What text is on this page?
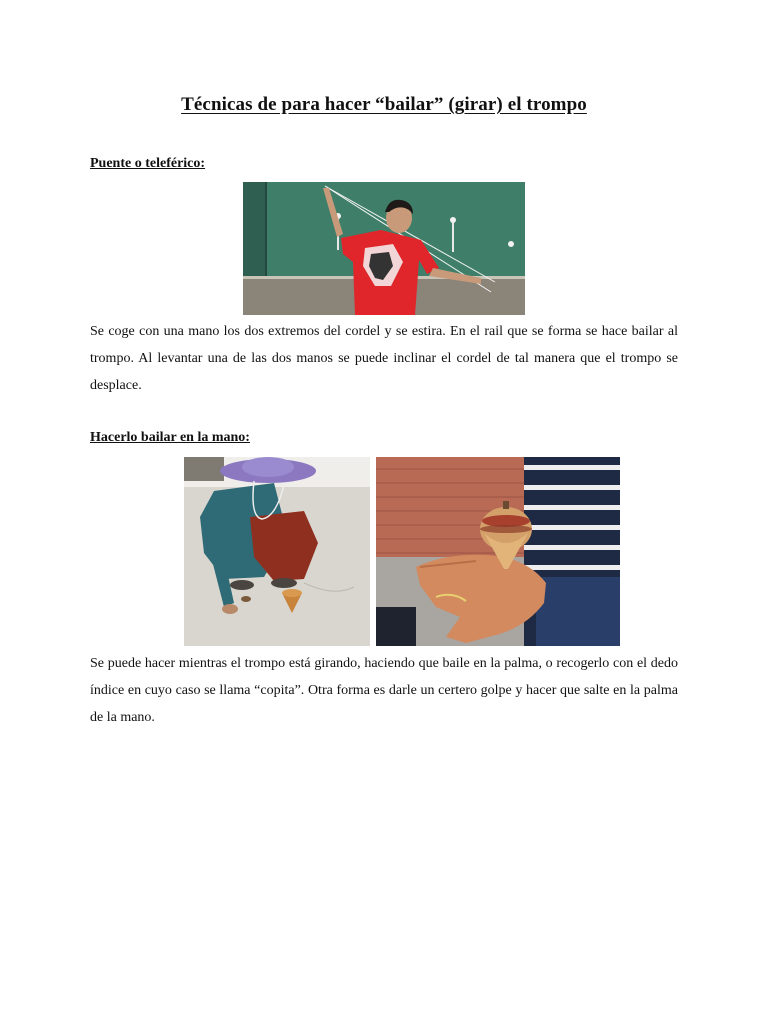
Técnicas de para hacer “bailar” (girar) el trompo
Puente o teleférico:
Se coge con una mano los dos extremos del cordel y se estira. En el rail que se forma se hace bailar al trompo. Al levantar una de las dos manos se puede inclinar el cordel de tal manera que el trompo se desplace.
Hacerlo bailar en la mano:
Se puede hacer mientras el trompo está girando, haciendo que baile en la palma, o recogerlo con el dedo índice en cuyo caso se llama “copita”. Otra forma es darle un certero golpe y hacer que salte en la palma de la mano.
